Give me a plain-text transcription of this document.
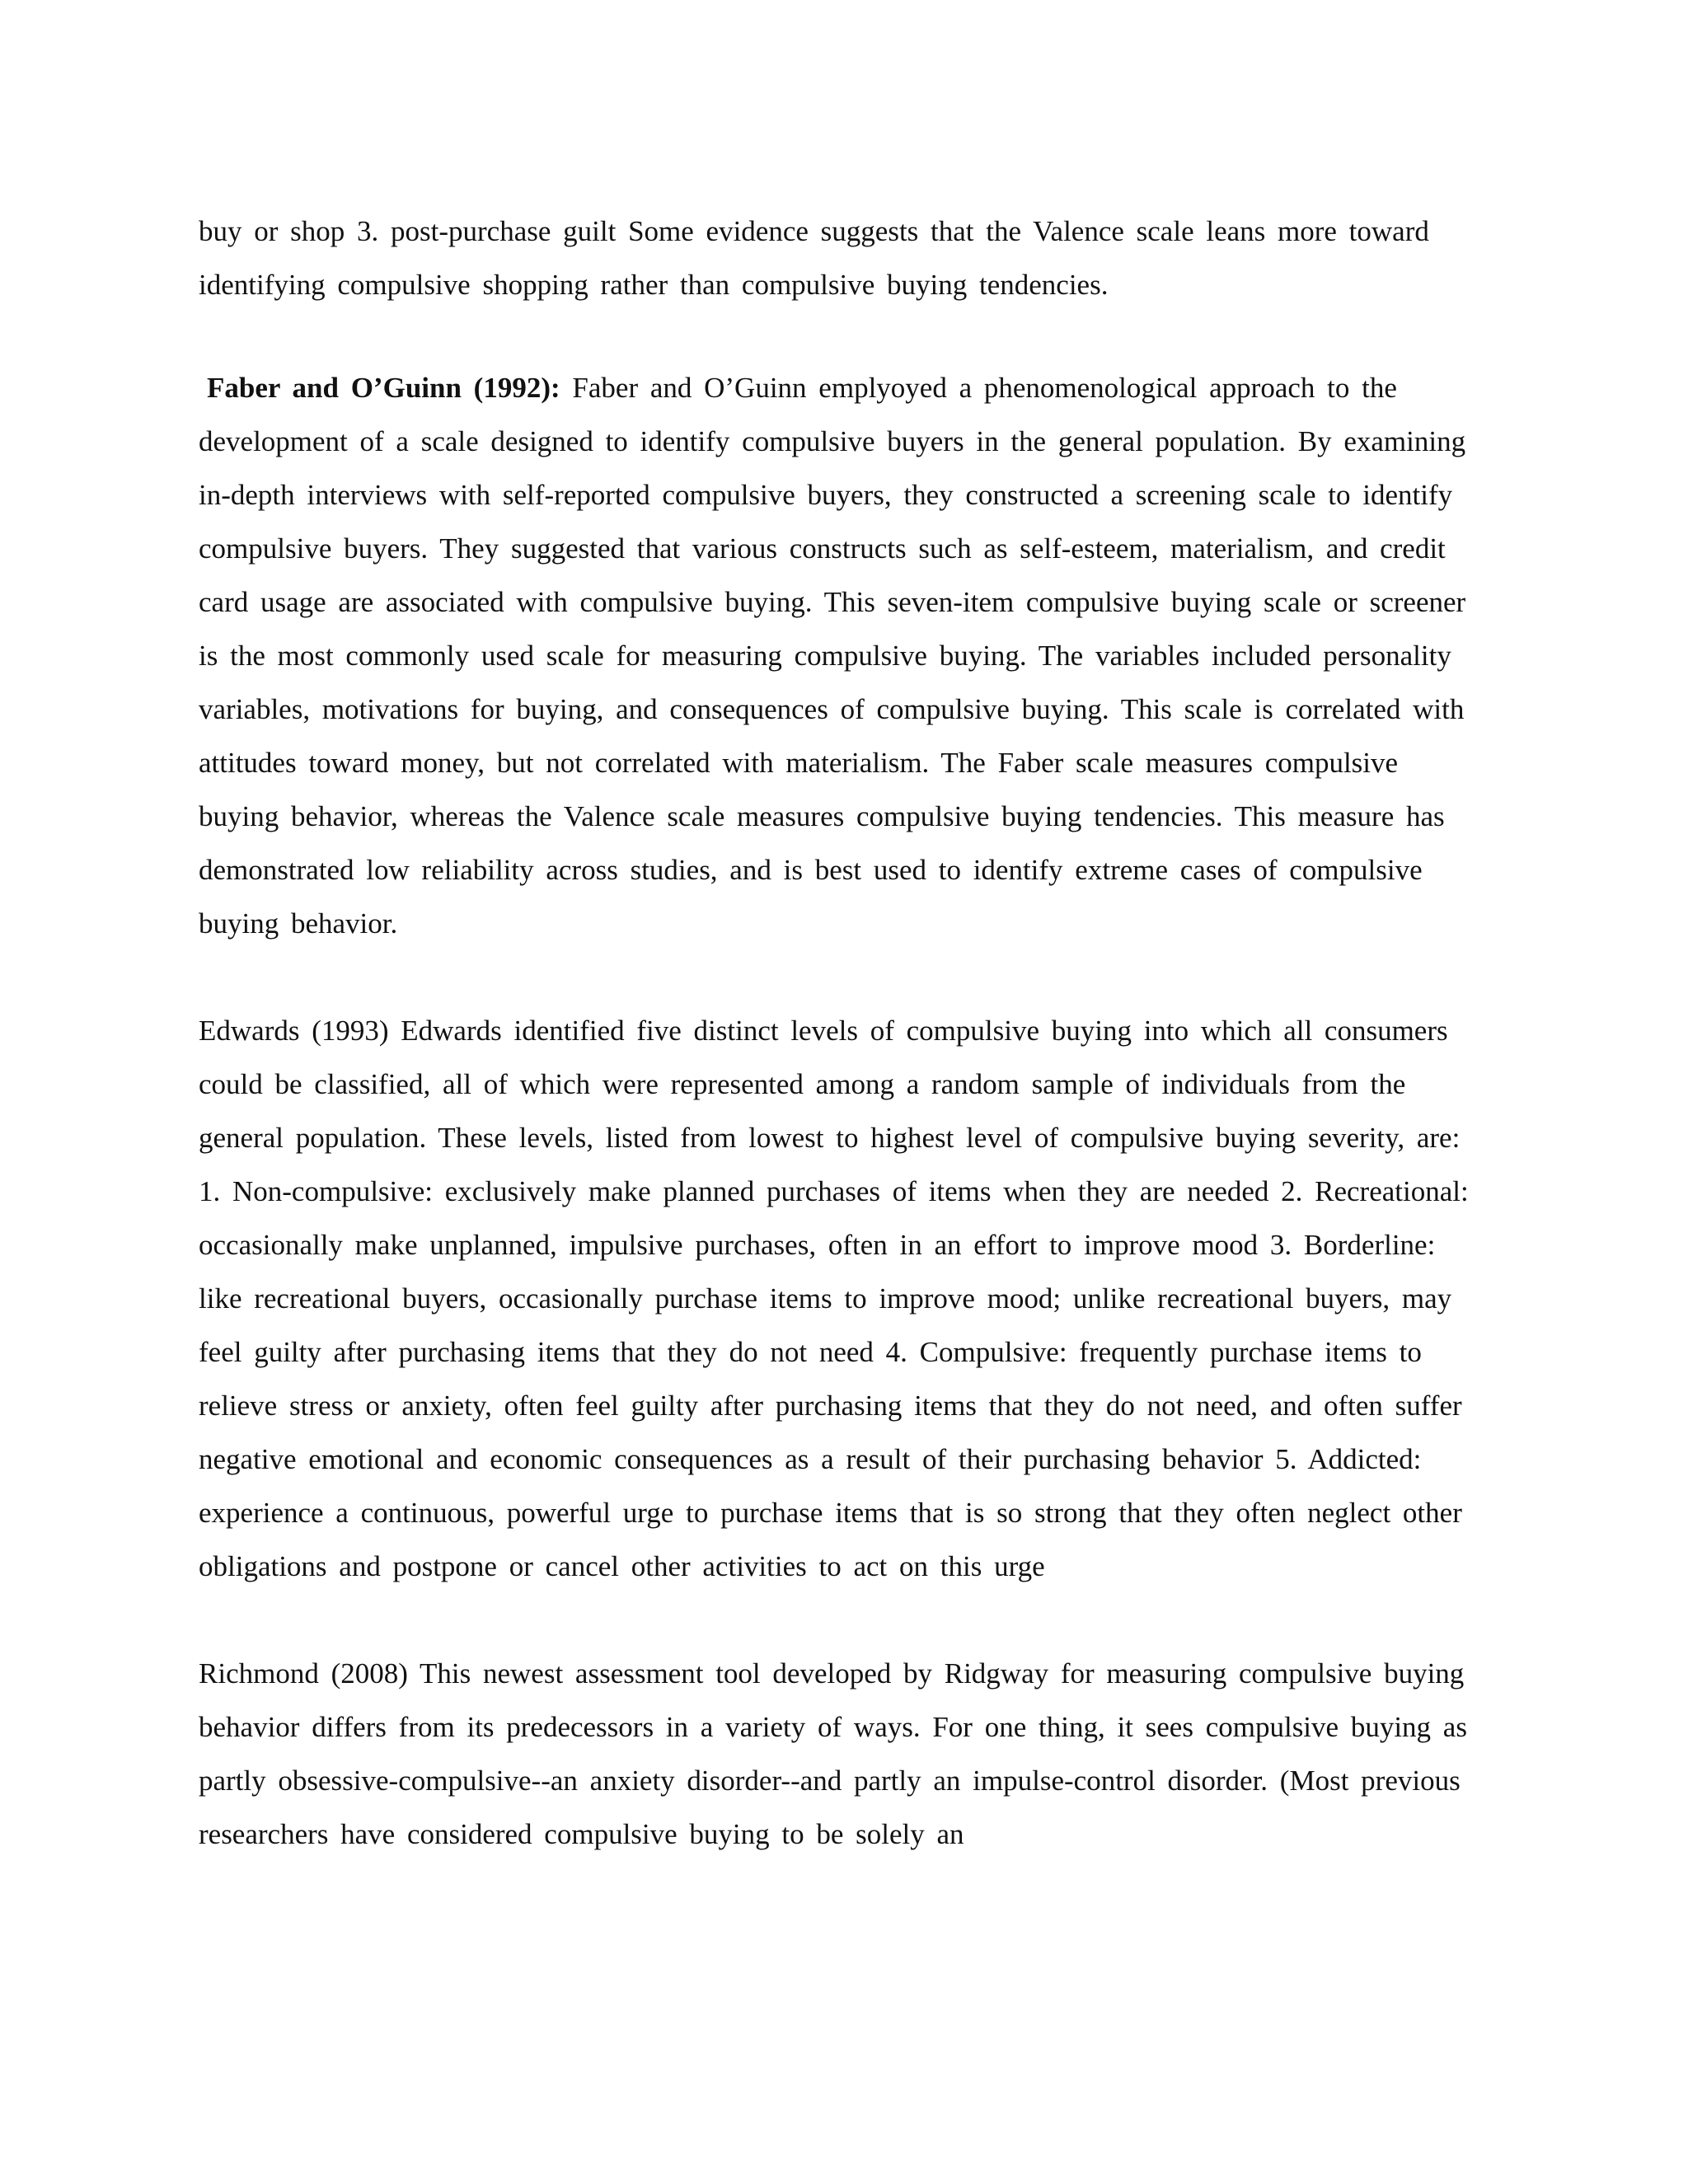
buy or shop 3. post-purchase guilt Some evidence suggests that the Valence scale leans more toward identifying compulsive shopping rather than compulsive buying tendencies.

Faber and O’Guinn (1992): Faber and O’Guinn emplyoyed a phenomenological approach to the development of a scale designed to identify compulsive buyers in the general population. By examining in-depth interviews with self-reported compulsive buyers, they constructed a screening scale to identify compulsive buyers. They suggested that various constructs such as self-esteem, materialism, and credit card usage are associated with compulsive buying. This seven-item compulsive buying scale or screener is the most commonly used scale for measuring compulsive buying. The variables included personality variables, motivations for buying, and consequences of compulsive buying. This scale is correlated with attitudes toward money, but not correlated with materialism. The Faber scale measures compulsive buying behavior, whereas the Valence scale measures compulsive buying tendencies. This measure has demonstrated low reliability across studies, and is best used to identify extreme cases of compulsive buying behavior.

Edwards (1993) Edwards identified five distinct levels of compulsive buying into which all consumers could be classified, all of which were represented among a random sample of individuals from the general population. These levels, listed from lowest to highest level of compulsive buying severity, are: 1. Non-compulsive: exclusively make planned purchases of items when they are needed 2. Recreational: occasionally make unplanned, impulsive purchases, often in an effort to improve mood 3. Borderline: like recreational buyers, occasionally purchase items to improve mood; unlike recreational buyers, may feel guilty after purchasing items that they do not need 4. Compulsive: frequently purchase items to relieve stress or anxiety, often feel guilty after purchasing items that they do not need, and often suffer negative emotional and economic consequences as a result of their purchasing behavior 5. Addicted: experience a continuous, powerful urge to purchase items that is so strong that they often neglect other obligations and postpone or cancel other activities to act on this urge

Richmond (2008) This newest assessment tool developed by Ridgway for measuring compulsive buying behavior differs from its predecessors in a variety of ways. For one thing, it sees compulsive buying as partly obsessive-compulsive--an anxiety disorder--and partly an impulse-control disorder. (Most previous researchers have considered compulsive buying to be solely an
